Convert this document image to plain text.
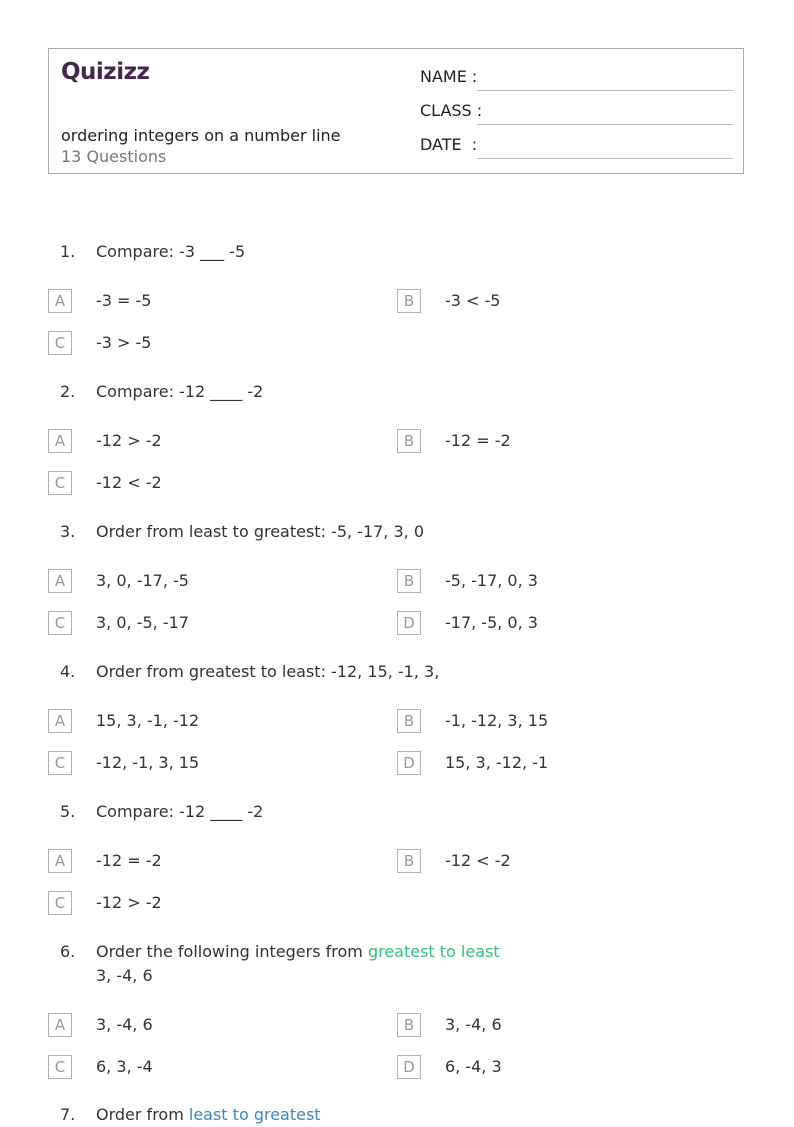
Quizizz
ordering integers on a number line
13 Questions
NAME :
CLASS :
DATE  :
1. Compare: -3 ___ -5
A	-3 = -5	B	-3 < -5
C	-3 > -5
2. Compare: -12 ____ -2
A	-12 > -2	B	-12 = -2
C	-12 < -2
3. Order from least to greatest: -5, -17, 3, 0
A	3, 0, -17, -5	B	-5, -17, 0, 3
C	3, 0, -5, -17	D	-17, -5, 0, 3
4. Order from greatest to least: -12, 15, -1, 3,
A	15, 3, -1, -12	B	-1, -12, 3, 15
C	-12, -1, 3, 15	D	15, 3, -12, -1
5. Compare: -12 ____ -2
A	-12 = -2	B	-12 < -2
C	-12 > -2
6. Order the following integers from greatest to least
3, -4, 6
A	3, -4, 6	B	3, -4, 6
C	6, 3, -4	D	6, -4, 3
7. Order from least to greatest
